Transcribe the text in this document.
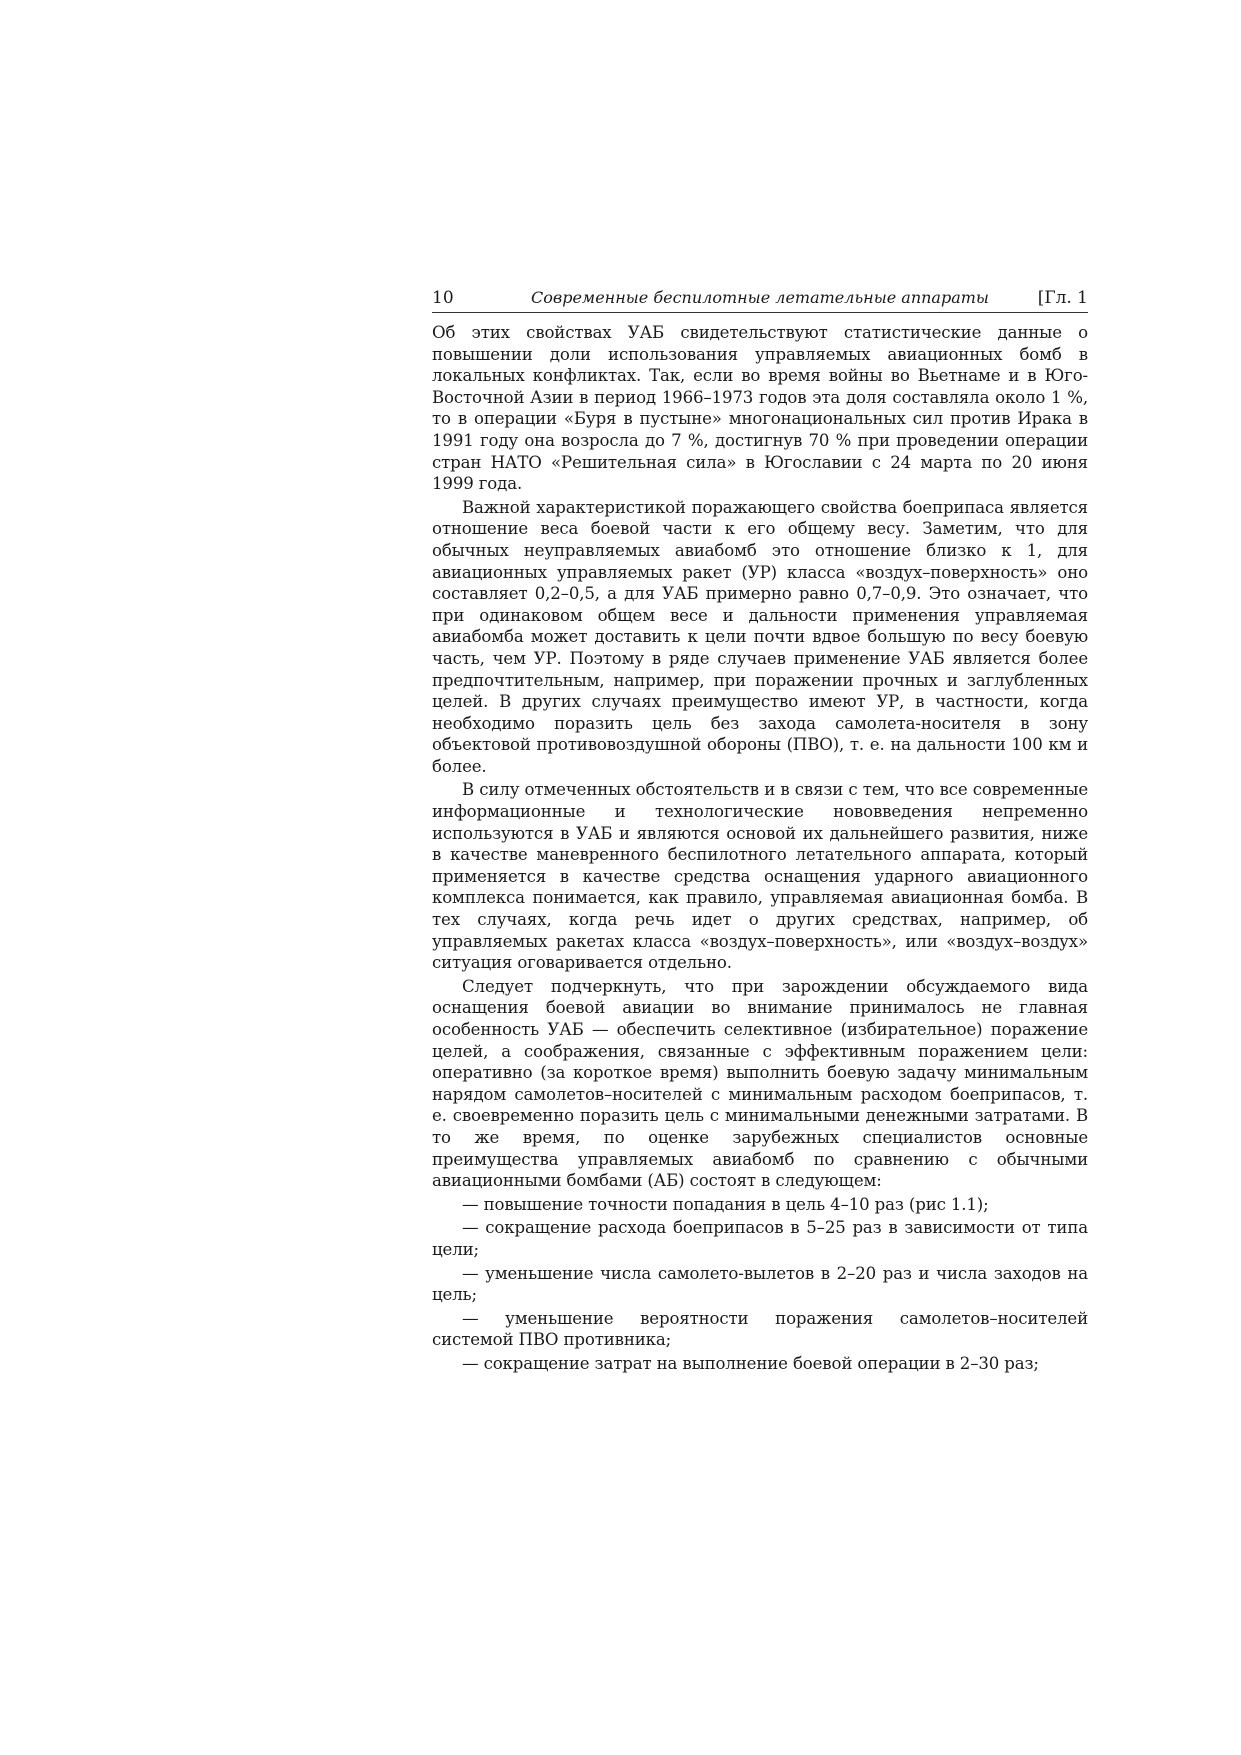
10	Современные беспилотные летательные аппараты	[Гл. 1

Об этих свойствах УАБ свидетельствуют статистические данные о повышении доли использования управляемых авиационных бомб в локальных конфликтах. Так, если во время войны во Вьетнаме и в Юго-Восточной Азии в период 1966–1973 годов эта доля составляла около 1 %, то в операции «Буря в пустыне» многонациональных сил против Ирака в 1991 году она возросла до 7 %, достигнув 70 % при проведении операции стран НАТО «Решительная сила» в Югославии с 24 марта по 20 июня 1999 года.

Важной характеристикой поражающего свойства боеприпаса является отношение веса боевой части к его общему весу. Заметим, что для обычных неуправляемых авиабомб это отношение близко к 1, для авиационных управляемых ракет (УР) класса «воздух–поверхность» оно составляет 0,2–0,5, а для УАБ примерно равно 0,7–0,9. Это означает, что при одинаковом общем весе и дальности применения управляемая авиабомба может доставить к цели почти вдвое большую по весу боевую часть, чем УР. Поэтому в ряде случаев применение УАБ является более предпочтительным, например, при поражении прочных и заглубленных целей. В других случаях преимущество имеют УР, в частности, когда необходимо поразить цель без захода самолета-носителя в зону объектовой противовоздушной обороны (ПВО), т. е. на дальности 100 км и более.

В силу отмеченных обстоятельств и в связи с тем, что все современные информационные и технологические нововведения непременно используются в УАБ и являются основой их дальнейшего развития, ниже в качестве маневренного беспилотного летательного аппарата, который применяется в качестве средства оснащения ударного авиационного комплекса понимается, как правило, управляемая авиационная бомба. В тех случаях, когда речь идет о других средствах, например, об управляемых ракетах класса «воздух–поверхность», или «воздух–воздух» ситуация оговаривается отдельно.

Следует подчеркнуть, что при зарождении обсуждаемого вида оснащения боевой авиации во внимание принималось не главная особенность УАБ — обеспечить селективное (избирательное) поражение целей, а соображения, связанные с эффективным поражением цели: оперативно (за короткое время) выполнить боевую задачу минимальным нарядом самолетов–носителей с минимальным расходом боеприпасов, т. е. своевременно поразить цель с минимальными денежными затратами. В то же время, по оценке зарубежных специалистов основные преимущества управляемых авиабомб по сравнению с обычными авиационными бомбами (АБ) состоят в следующем:

— повышение точности попадания в цель 4–10 раз (рис 1.1);

— сокращение расхода боеприпасов в 5–25 раз в зависимости от типа цели;

— уменьшение числа самолето-вылетов в 2–20 раз и числа заходов на цель;

— уменьшение вероятности поражения самолетов–носителей системой ПВО противника;

— сокращение затрат на выполнение боевой операции в 2–30 раз;
